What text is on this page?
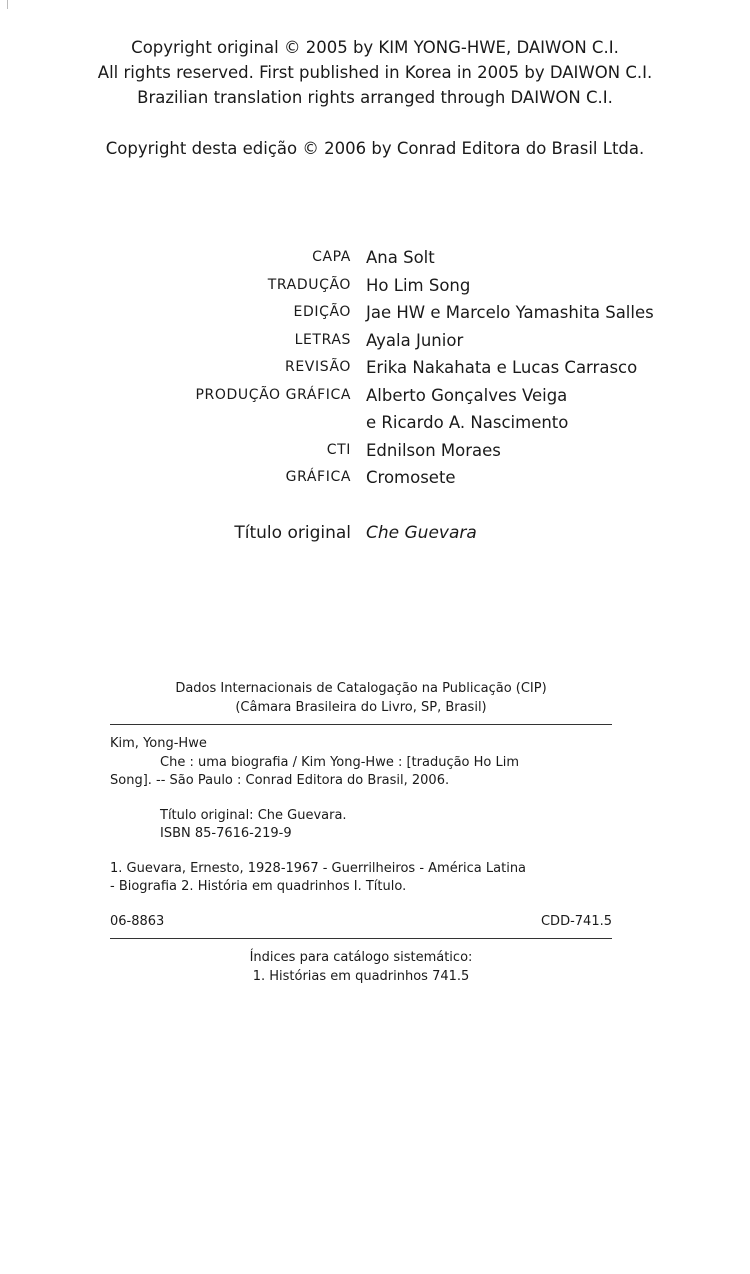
Copyright original © 2005 by KIM YONG-HWE, DAIWON C.I.
All rights reserved. First published in Korea in 2005 by DAIWON C.I.
Brazilian translation rights arranged through DAIWON C.I.
Copyright desta edição © 2006 by Conrad Editora do Brasil Ltda.
CAPA Ana Solt
TRADUÇÃO Ho Lim Song
EDIÇÃO Jae HW e Marcelo Yamashita Salles
LETRAS Ayala Junior
REVISÃO Erika Nakahata e Lucas Carrasco
PRODUÇÃO GRÁFICA Alberto Gonçalves Veiga
e Ricardo A. Nascimento
CTI Ednilson Moraes
GRÁFICA Cromosete
Título original Che Guevara

Dados Internacionais de Catalogação na Publicação (CIP)

(Câmara Brasileira do Livro, SP, Brasil)

Kim, Yong-Hwe

Che : uma biografia / Kim Yong-Hwe : [tradução Ho Lim

Song]. -- São Paulo : Conrad Editora do Brasil, 2006.

Título original: Che Guevara.

ISBN 85-7616-219-9

1. Guevara, Ernesto, 1928-1967 - Guerrilheiros - América Latina

- Biografia 2. História em quadrinhos I. Título.

06-8863	CDD-741.5

Índices para catálogo sistemático:

1. Histórias em quadrinhos 741.5
